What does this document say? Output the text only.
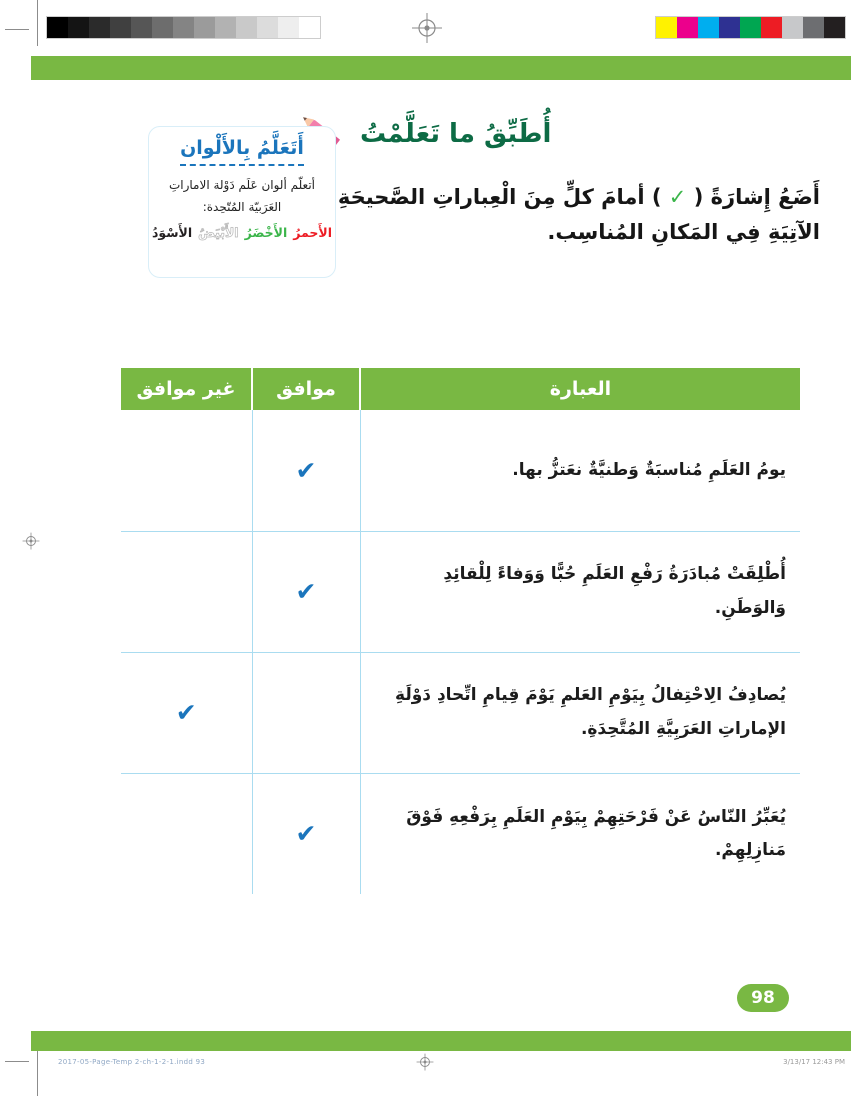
أُطَبِّقُ ما تَعَلَّمْتُ

أَضَعُ إِشارَةً ( ✓ ) أمامَ كلٍّ مِنَ الْعِباراتِ الصَّحيحَةِ الآتِيَةِ فِي المَكانِ المُناسِب.

أَتَعَلَّمُ بِالأَلْوان
أتعلّم ألوان عَلَم دَوْلة الاماراتِ العَرَبيّة المُتّحِدة:
الأَحمرُ
الأَخْضَرُ
الأَبْيَضُ
الأَسْوَدُ
العبارة	موافق	غير موافق
يومُ العَلَمِ مُناسبَةٌ وَطنيَّةٌ نعَتزُّ بها.	✔	
أُطْلِقَتْ مُبادَرَةُ رَفْعِ العَلَمِ حُبًّا وَوَفاءً لِلْقائِدِ وَالوَطَنِ.	✔	
يُصادِفُ الِاحْتِفالُ بِيَوْمِ العَلمِ يَوْمَ قِيامِ اتِّحادِ دَوْلَةِ الإماراتِ العَرَبِيَّةِ المُتَّحِدَةِ.		✔
يُعَبِّرُ النّاسُ عَنْ فَرْحَتِهِمْ بِيَوْمِ العَلَمِ بِرَفْعِهِ فَوْقَ مَنازِلِهِمْ.	✔	
98
2017-05-Page-Temp 2-ch-1-2-1.indd 93	3/13/17 12:43 PM
